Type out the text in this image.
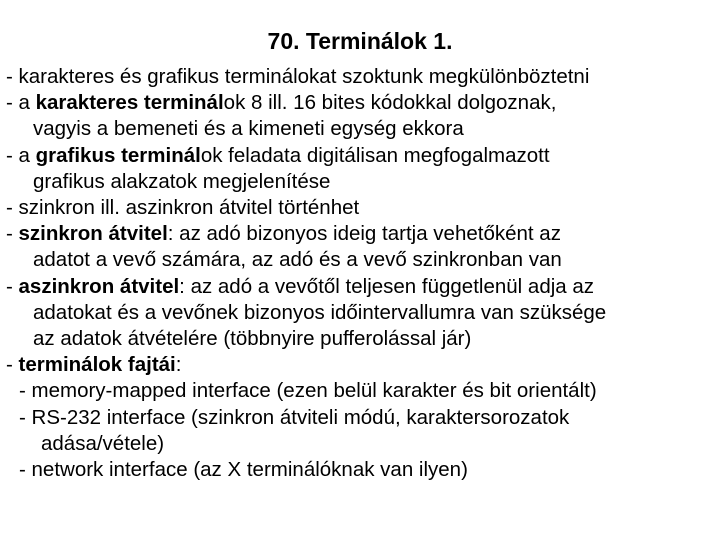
70. Terminálok 1.
- karakteres és grafikus terminálokat szoktunk megkülönböztetni
- a karakteres terminálok 8 ill. 16 bites kódokkal dolgoznak,
vagyis a bemeneti és a kimeneti egység ekkora
- a grafikus terminálok feladata digitálisan megfogalmazott
grafikus alakzatok megjelenítése
- szinkron ill. aszinkron átvitel történhet
- szinkron átvitel: az adó bizonyos ideig tartja vehetőként az
adatot a vevő számára, az adó és a vevő szinkronban van
- aszinkron átvitel: az adó a vevőtől teljesen függetlenül adja az
adatokat és a vevőnek bizonyos időintervallumra van szüksége
az adatok átvételére (többnyire pufferolással jár)
- terminálok fajtái:
- memory-mapped interface (ezen belül karakter és bit orientált)
- RS-232 interface (szinkron átviteli módú, karaktersorozatok
adása/vétele)
- network interface (az X terminálóknak van ilyen)
